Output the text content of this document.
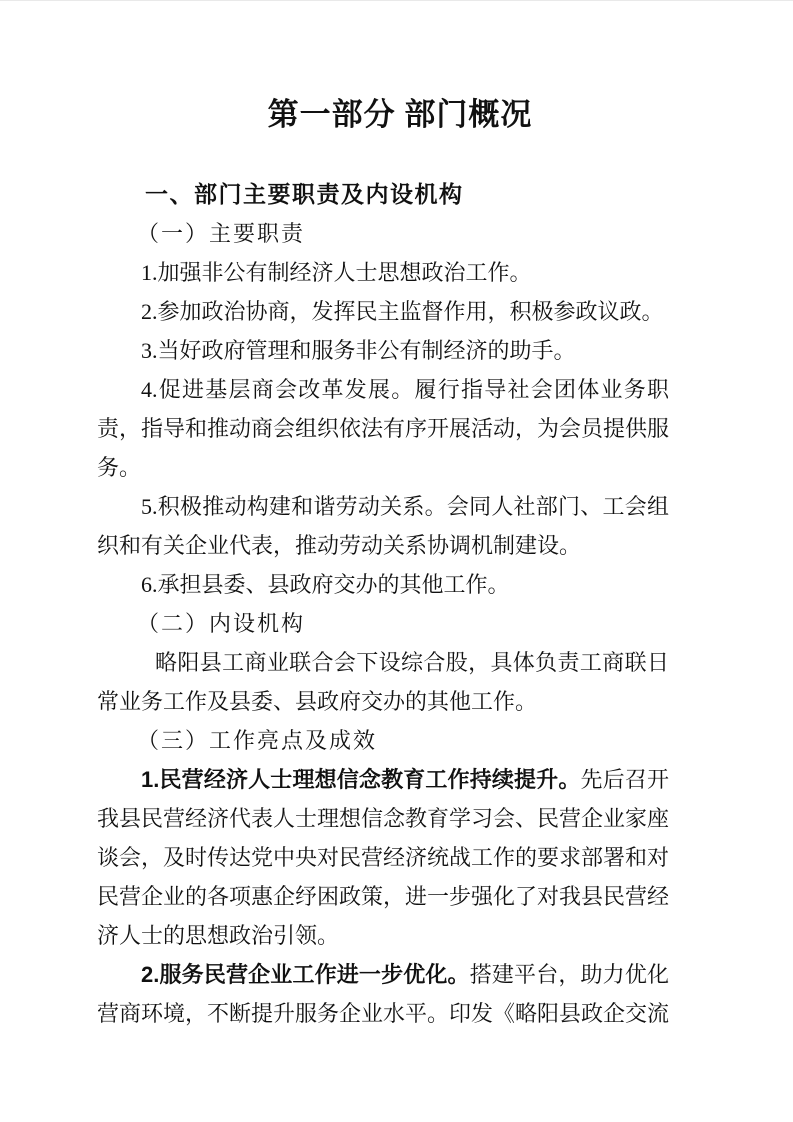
第一部分 部门概况
一、部门主要职责及内设机构

（一）主要职责

1.加强非公有制经济人士思想政治工作。

2.参加政治协商，发挥民主监督作用，积极参政议政。

3.当好政府管理和服务非公有制经济的助手。

4.促进基层商会改革发展。履行指导社会团体业务职责，指导和推动商会组织依法有序开展活动，为会员提供服务。

5.积极推动构建和谐劳动关系。会同人社部门、工会组织和有关企业代表，推动劳动关系协调机制建设。

6.承担县委、县政府交办的其他工作。

（二）内设机构

略阳县工商业联合会下设综合股，具体负责工商联日常业务工作及县委、县政府交办的其他工作。

（三）工作亮点及成效

1.民营经济人士理想信念教育工作持续提升。先后召开我县民营经济代表人士理想信念教育学习会、民营企业家座谈会，及时传达党中央对民营经济统战工作的要求部署和对民营企业的各项惠企纾困政策，进一步强化了对我县民营经济人士的思想政治引领。

2.服务民营企业工作进一步优化。搭建平台，助力优化营商环境，不断提升服务企业水平。印发《略阳县政企交流
